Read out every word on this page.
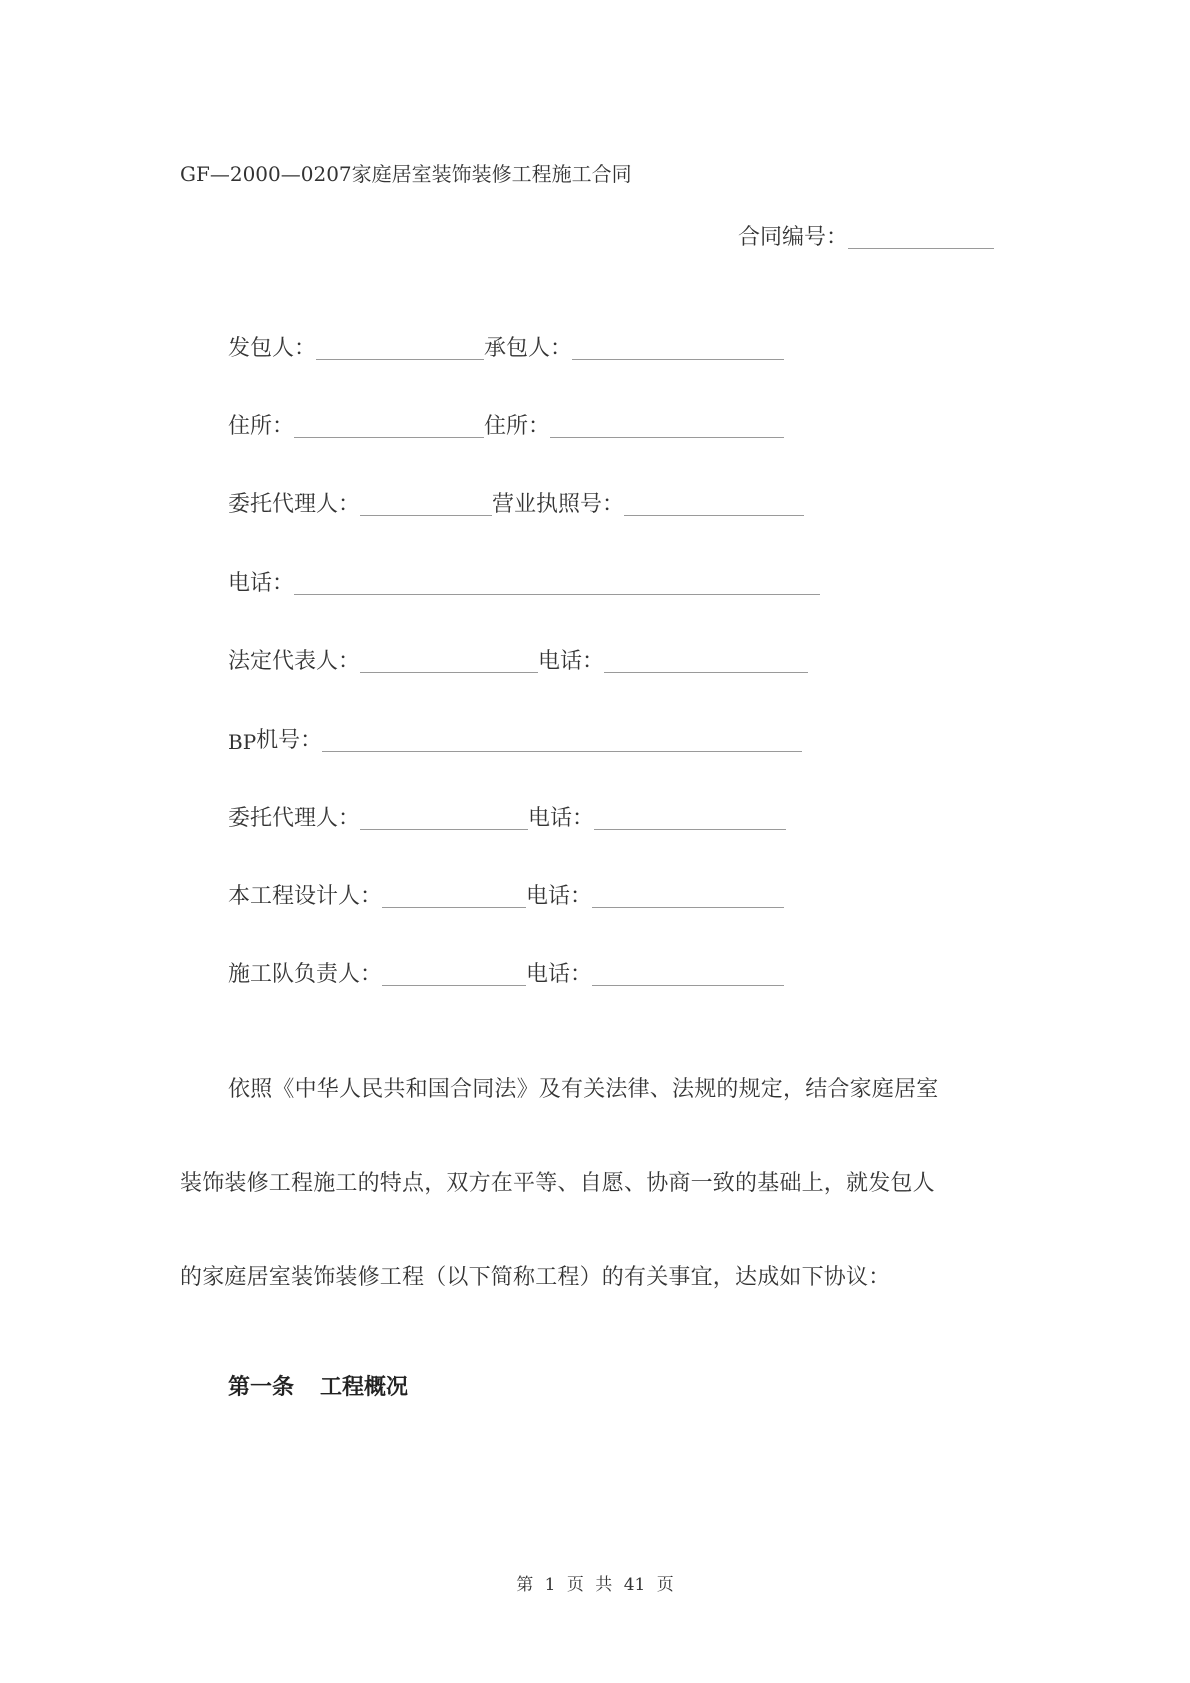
GF—2000—0207家庭居室装饰装修工程施工合同
合同编号：
发包人：	承包人：
住所：	住所：
委托代理人：	营业执照号：
电话：
法定代表人：	电话：
BP 机号：
委托代理人：	电话：
本工程设计人：	电话：
施工队负责人：	电话：
依照《中华人民共和国合同法》及有关法律、法规的规定，结合家庭居室
装饰装修工程施工的特点，双方在平等、自愿、协商一致的基础上，就发包人
的家庭居室装饰装修工程（以下简称工程）的有关事宜，达成如下协议：
第一条 工程概况
第 1 页 共 41 页
